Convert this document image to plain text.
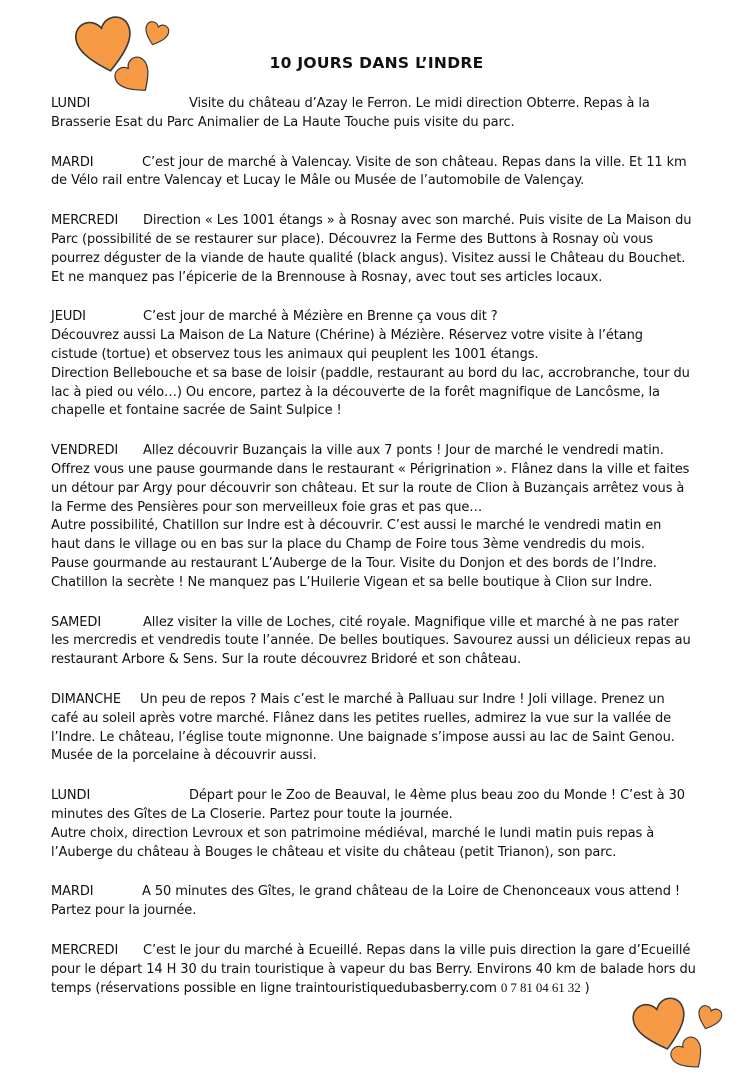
10 JOURS DANS L’INDRE
LUNDI	Visite du château d’Azay le Ferron. Le midi direction Obterre. Repas à la
Brasserie Esat du Parc Animalier de La Haute Touche puis visite du parc.
MARDI	C’est jour de marché à Valencay. Visite de son château. Repas dans la ville. Et 11 km
de Vélo rail entre Valencay et Lucay le Mâle ou Musée de l’automobile de Valençay.
MERCREDI Direction « Les 1001 étangs » à Rosnay avec son marché. Puis visite de La Maison du
Parc (possibilité de se restaurer sur place). Découvrez la Ferme des Buttons à Rosnay où vous
pourrez déguster de la viande de haute qualité (black angus). Visitez aussi le Château du Bouchet.
Et ne manquez pas l’épicerie de la Brennouse à Rosnay, avec tout ses articles locaux.
JEUDI	C’est jour de marché à Mézière en Brenne ça vous dit ?
Découvrez aussi La Maison de La Nature (Chérine) à Mézière. Réservez votre visite à l’étang
cistude (tortue) et observez tous les animaux qui peuplent les 1001 étangs.
Direction Bellebouche et sa base de loisir (paddle, restaurant au bord du lac, accrobranche, tour du
lac à pied ou vélo…) Ou encore, partez à la découverte de la forêt magnifique de Lancôsme, la
chapelle et fontaine sacrée de Saint Sulpice !
VENDREDI Allez découvrir Buzançais la ville aux 7 ponts ! Jour de marché le vendredi matin.
Offrez vous une pause gourmande dans le restaurant « Périgrination ». Flânez dans la ville et faites
un détour par Argy pour découvrir son château. Et sur la route de Clion à Buzançais arrêtez vous à
la Ferme des Pensières pour son merveilleux foie gras et pas que…
Autre possibilité, Chatillon sur Indre est à découvrir. C’est aussi le marché le vendredi matin en
haut dans le village ou en bas sur la place du Champ de Foire tous 3ème vendredis du mois.
Pause gourmande au restaurant L’Auberge de la Tour. Visite du Donjon et des bords de l’Indre.
Chatillon la secrète ! Ne manquez pas L’Huilerie Vigean et sa belle boutique à Clion sur Indre.
SAMEDI	Allez visiter la ville de Loches, cité royale. Magnifique ville et marché à ne pas rater
les mercredis et vendredis toute l’année. De belles boutiques. Savourez aussi un délicieux repas au
restaurant Arbore & Sens. Sur la route découvrez Bridoré et son château.
DIMANCHE Un peu de repos ? Mais c’est le marché à Palluau sur Indre ! Joli village. Prenez un
café au soleil après votre marché. Flânez dans les petites ruelles, admirez la vue sur la vallée de
l’Indre. Le château, l’église toute mignonne. Une baignade s’impose aussi au lac de Saint Genou.
Musée de la porcelaine à découvrir aussi.
LUNDI	Départ pour le Zoo de Beauval, le 4ème plus beau zoo du Monde ! C’est à 30
minutes des Gîtes de La Closerie. Partez pour toute la journée.
Autre choix, direction Levroux et son patrimoine médiéval, marché le lundi matin puis repas à
l’Auberge du château à Bouges le château et visite du château (petit Trianon), son parc.
MARDI	A 50 minutes des Gîtes, le grand château de la Loire de Chenonceaux vous attend !
Partez pour la journée.
MERCREDI C’est le jour du marché à Ecueillé. Repas dans la ville puis direction la gare d’Ecueillé
pour le départ 14 H 30 du train touristique à vapeur du bas Berry. Environs 40 km de balade hors du
temps (réservations possible en ligne traintouristiquedubasberry.com 0 7 81 04 61 32 )
